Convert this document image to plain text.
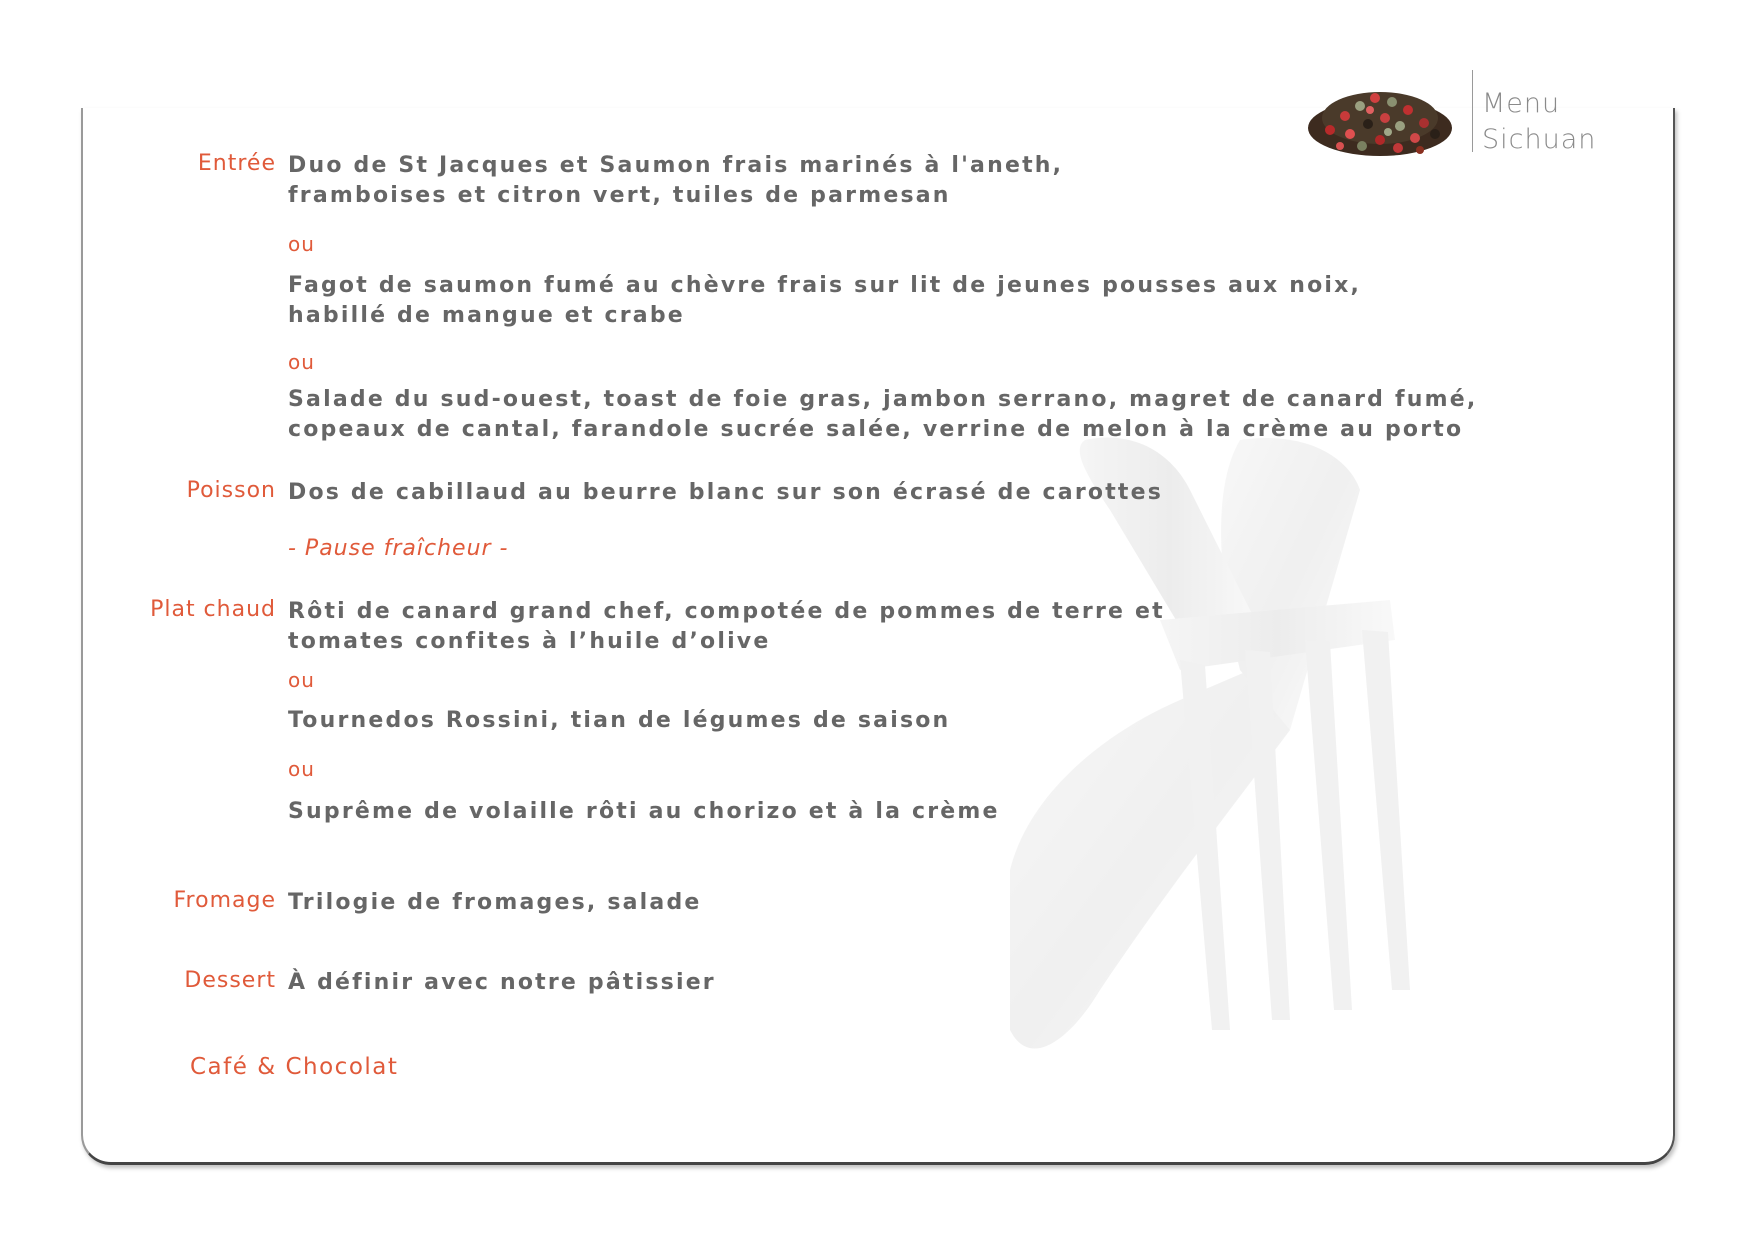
Menu
Sichuan
Entrée Duo de St Jacques et Saumon frais marinés à l'aneth,
framboises et citron vert, tuiles de parmesan
ou
Fagot de saumon fumé au chèvre frais sur lit de jeunes pousses aux noix,
habillé de mangue et crabe
ou
Salade du sud-ouest, toast de foie gras, jambon serrano, magret de canard fumé,
copeaux de cantal, farandole sucrée salée, verrine de melon à la crème au porto
Poisson Dos de cabillaud au beurre blanc sur son écrasé de carottes
- Pause fraîcheur -
Plat chaud Rôti de canard grand chef, compotée de pommes de terre et
tomates confites à l’huile d’olive
ou
Tournedos Rossini, tian de légumes de saison
ou
Suprême de volaille rôti au chorizo et à la crème
Fromage Trilogie de fromages, salade
Dessert À définir avec notre pâtissier
Café & Chocolat
